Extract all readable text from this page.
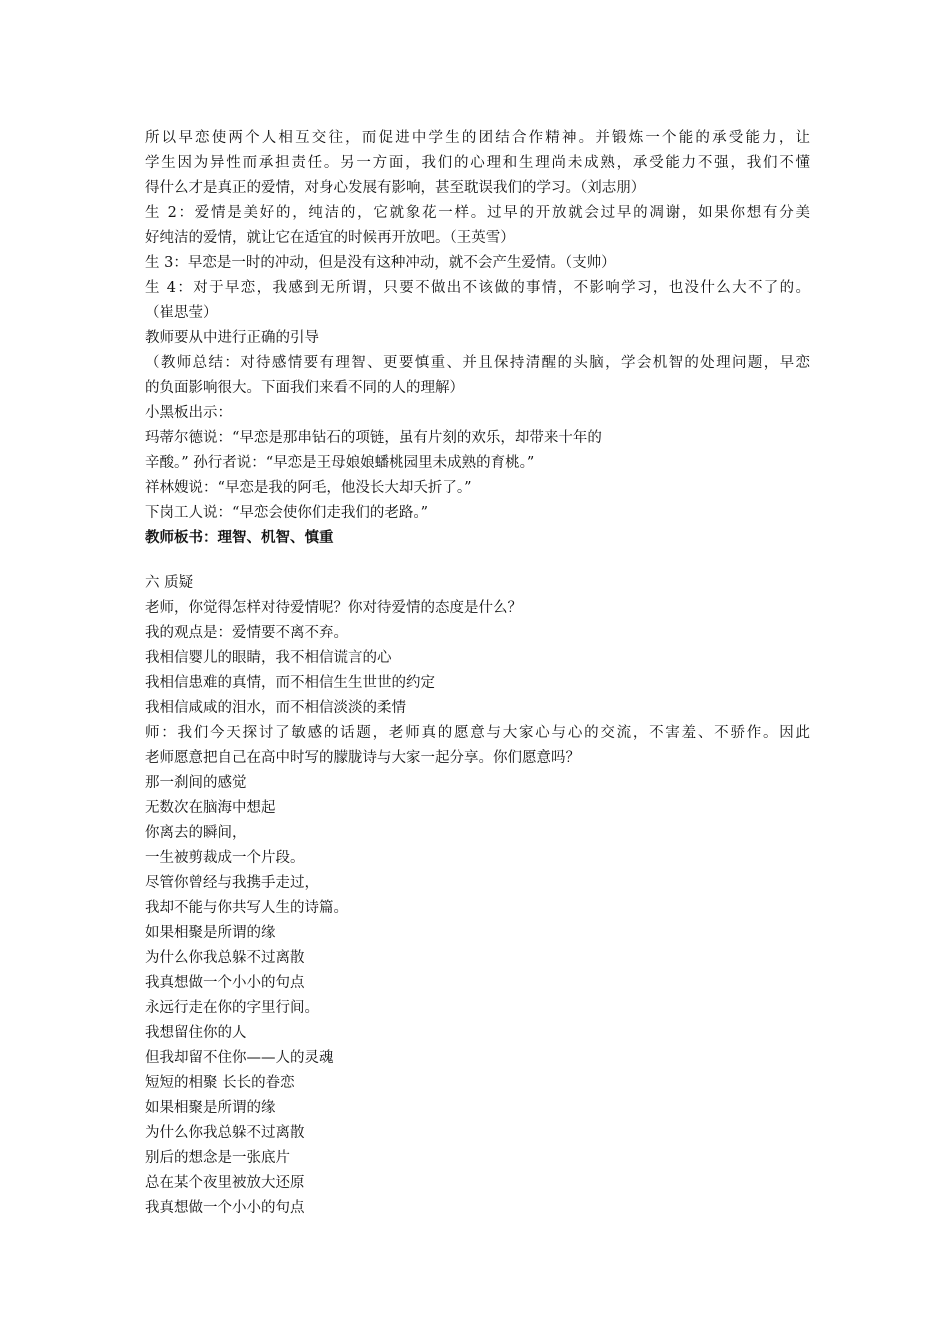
所以早恋使两个人相互交往，而促进中学生的团结合作精神。并锻炼一个能的承受能力，让
学生因为异性而承担责任。另一方面，我们的心理和生理尚未成熟，承受能力不强，我们不懂
得什么才是真正的爱情，对身心发展有影响，甚至耽误我们的学习。（刘志朋）
生 2：爱情是美好的，纯洁的，它就象花一样。过早的开放就会过早的凋谢，如果你想有分美
好纯洁的爱情，就让它在适宜的时候再开放吧。（王英雪）
生 3：早恋是一时的冲动，但是没有这种冲动，就不会产生爱情。（支帅）
生 4：对于早恋，我感到无所谓，只要不做出不该做的事情，不影响学习，也没什么大不了的。
（崔思莹）
教师要从中进行正确的引导
（教师总结：对待感情要有理智、更要慎重、并且保持清醒的头脑，学会机智的处理问题，早恋
的负面影响很大。下面我们来看不同的人的理解）
小黑板出示：
玛蒂尔德说：“早恋是那串钻石的项链，虽有片刻的欢乐，却带来十年的
辛酸。” 孙行者说：“早恋是王母娘娘蟠桃园里未成熟的育桃。”
祥林嫂说：“早恋是我的阿毛，他没长大却夭折了。”
下岗工人说：“早恋会使你们走我们的老路。”
教师板书：理智、机智、慎重
六 质疑
老师，你觉得怎样对待爱情呢？你对待爱情的态度是什么？
我的观点是：爱情要不离不弃。
我相信婴儿的眼睛，我不相信谎言的心
我相信患难的真情，而不相信生生世世的约定
我相信咸咸的泪水，而不相信淡淡的柔情
师：我们今天探讨了敏感的话题，老师真的愿意与大家心与心的交流，不害羞、不骄作。因此
老师愿意把自己在高中时写的朦胧诗与大家一起分享。你们愿意吗？
那一刹间的感觉
无数次在脑海中想起
你离去的瞬间，
一生被剪裁成一个片段。
尽管你曾经与我携手走过，
我却不能与你共写人生的诗篇。
如果相聚是所谓的缘
为什么你我总躲不过离散
我真想做一个小小的句点
永远行走在你的字里行间。
我想留住你的人
但我却留不住你——人的灵魂
短短的相聚 长长的眷恋
如果相聚是所谓的缘
为什么你我总躲不过离散
别后的想念是一张底片
总在某个夜里被放大还原
我真想做一个小小的句点
